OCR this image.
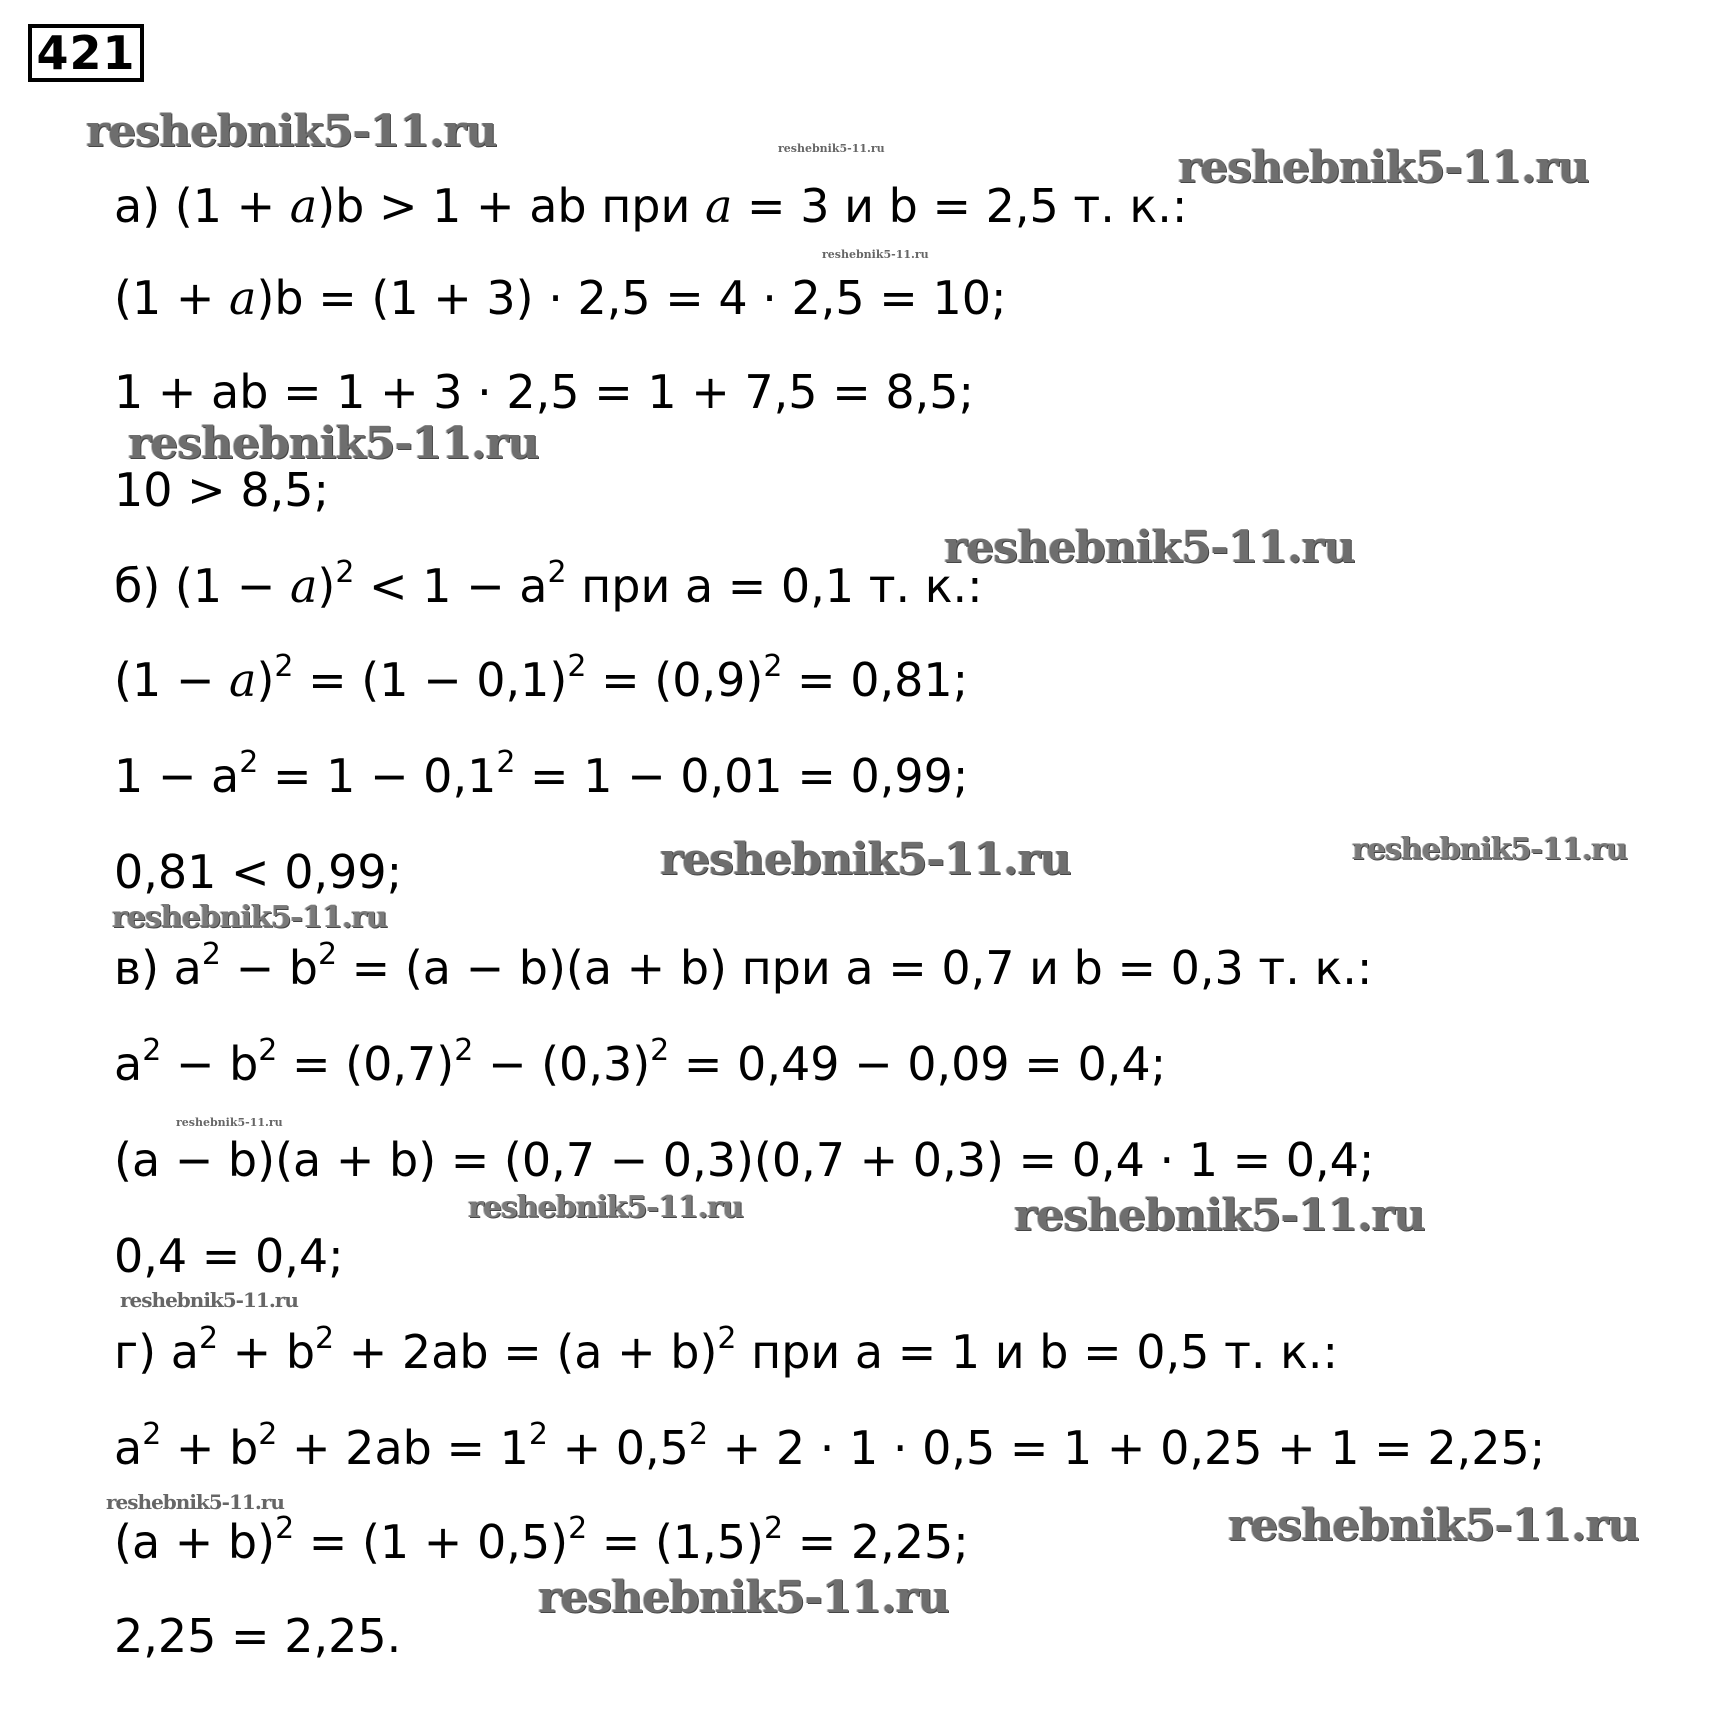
421
reshebnik5-11.ru	reshebnik5-11.ru	reshebnik5-11.ru
reshebnik5-11.ru
reshebnik5-11.ru
reshebnik5-11.ru
reshebnik5-11.ru	reshebnik5-11.ru
reshebnik5-11.ru
reshebnik5-11.ru
reshebnik5-11.ru	reshebnik5-11.ru
reshebnik5-11.ru
reshebnik5-11.ru	reshebnik5-11.ru
reshebnik5-11.ru
а) (1 + a)b > 1 + ab при a = 3 и b = 2,5 т. к.:
(1 + a)b = (1 + 3) · 2,5 = 4 · 2,5 = 10;
1 + ab = 1 + 3 · 2,5 = 1 + 7,5 = 8,5;
10 > 8,5;
б) $(1 - a)^2 < 1 - a^2$ при a = 0,1 т. к.:
$(1 - a)^2 = (1 - 0,1)^2 = (0,9)^2 = 0,81$;
$1 - a^2 = 1 - 0,1^2 = 1 - 0,01 = 0,99$;
0,81 < 0,99;
в) $a^2 - b^2 = (a - b)(a + b)$ при a = 0,7 и b = 0,3 т. к.:
$a^2 - b^2 = (0,7)^2 - (0,3)^2 = 0,49 - 0,09 = 0,4$;
(a − b)(a + b) = (0,7 − 0,3)(0,7 + 0,3) = 0,4 · 1 = 0,4;
0,4 = 0,4;
г) $a^2 + b^2 + 2ab = (a + b)^2$ при a = 1 и b = 0,5 т. к.:
$a^2 + b^2 + 2ab = 1^2 + 0,5^2 + 2 \cdot 1 \cdot 0,5 = 1 + 0,25 + 1 = 2,25$;
$(a + b)^2 = (1 + 0,5)^2 = (1,5)^2 = 2,25$;
2,25 = 2,25.
